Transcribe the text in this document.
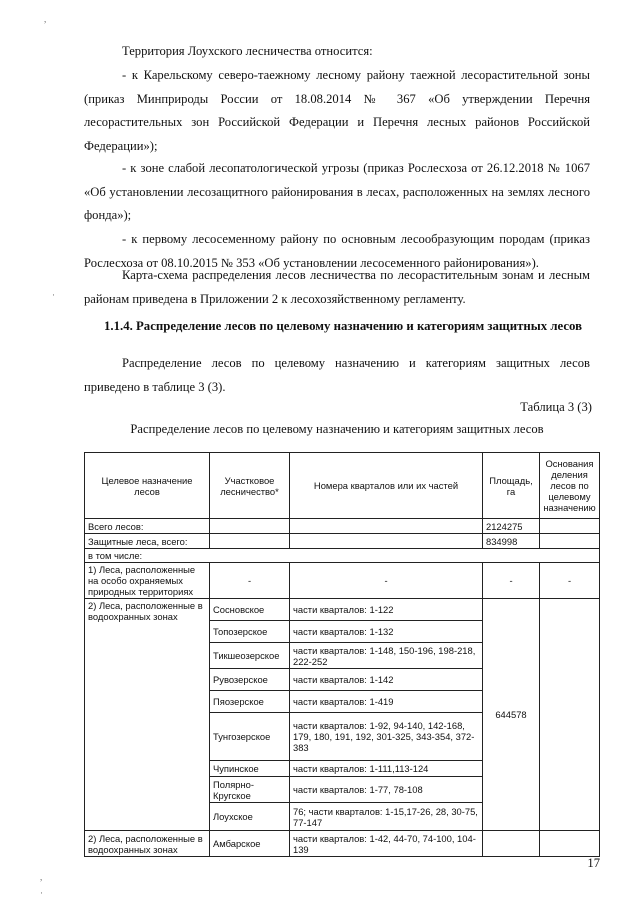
Территория Лоухского лесничества относится:

- к Карельскому северо-таежному лесному району таежной лесорастительной зоны (приказ Минприроды России от 18.08.2014 № 367 «Об утверждении Перечня лесорастительных зон Российской Федерации и Перечня лесных районов Российской Федерации»);

- к зоне слабой лесопатологической угрозы (приказ Рослесхоза от 26.12.2018 № 1067 «Об установлении лесозащитного районирования в лесах, расположенных на землях лесного фонда»);

- к первому лесосеменному району по основным лесообразующим породам (приказ Рослесхоза от 08.10.2015 № 353 «Об установлении лесосеменного районирования»).

Карта-схема распределения лесов лесничества по лесорастительным зонам и лесным районам приведена в Приложении 2 к лесохозяйственному регламенту.

1.1.4. Распределение лесов по целевому назначению и категориям защитных лесов

Распределение лесов по целевому назначению и категориям защитных лесов приведено в таблице 3 (3).

Таблица 3 (3)

Распределение лесов по целевому назначению и категориям защитных лесов

Целевое назначение лесов	Участковое лесничество*	Номера кварталов или их частей	Площадь, га	Основания деления лесов по целевому назначению
Всего лесов:			2124275	
Защитные леса, всего:			834998	
в том числе:				
1) Леса, расположенные на особо охраняемых природных территориях	-	-	-	-
2) Леса, расположенные в водоохранных зонах	Сосновское	части кварталов: 1-122	644578	
	Топозерское	части кварталов: 1-132		
	Тикшеозерское	части кварталов: 1-148, 150-196, 198-218, 222-252		
	Рувозерское	части кварталов: 1-142		
	Пяозерское	части кварталов: 1-419		
	Тунгозерское	части кварталов: 1-92, 94-140, 142-168, 179, 180, 191, 192, 301-325, 343-354, 372-383		
	Чупинское	части кварталов: 1-111,113-124		
	Полярно-Кругское	части кварталов: 1-77, 78-108		
	Лоухское	76; части кварталов: 1-15,17-26, 28, 30-75, 77-147		
2) Леса, расположенные в водоохранных зонах	Амбарское	части кварталов: 1-42, 44-70, 74-100, 104-139		

17

,
·
,
·
